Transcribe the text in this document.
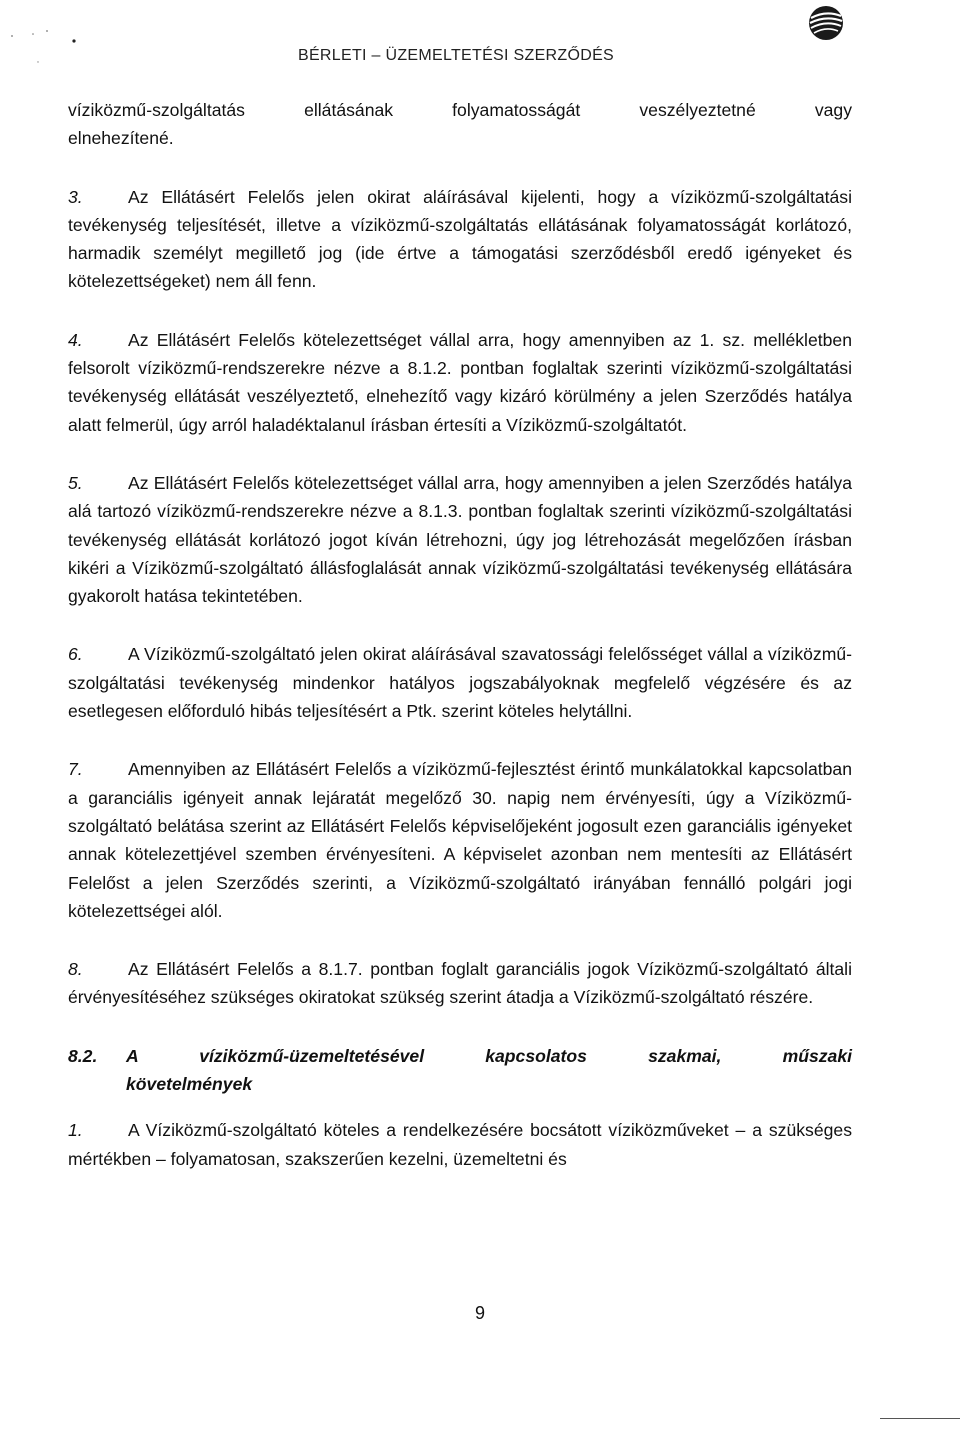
BÉRLETI – ÜZEMELTETÉSI SZERZŐDÉS

víziközmű-szolgáltatás	ellátásának	folyamatosságát	veszélyeztetné	vagy
elnehezítené.

3.	Az Ellátásért Felelős jelen okirat aláírásával kijelenti, hogy a víziközmű-szolgáltatási tevékenység teljesítését, illetve a víziközmű-szolgáltatás ellátásának folyamatosságát korlátozó, harmadik személyt megillető jog (ide értve a támogatási szerződésből eredő igényeket és kötelezettségeket) nem áll fenn.

4.	Az Ellátásért Felelős kötelezettséget vállal arra, hogy amennyiben az 1. sz. mellékletben felsorolt víziközmű-rendszerekre nézve a 8.1.2. pontban foglaltak szerinti víziközmű-szolgáltatási tevékenység ellátását veszélyeztető, elnehezítő vagy kizáró körülmény a jelen Szerződés hatálya alatt felmerül, úgy arról haladéktalanul írásban értesíti a Víziközmű-szolgáltatót.

5.	Az Ellátásért Felelős kötelezettséget vállal arra, hogy amennyiben a jelen Szerződés hatálya alá tartozó víziközmű-rendszerekre nézve a 8.1.3. pontban foglaltak szerinti víziközmű-szolgáltatási tevékenység ellátását korlátozó jogot kíván létrehozni, úgy jog létrehozását megelőzően írásban kikéri a Víziközmű-szolgáltató állásfoglalását annak víziközmű-szolgáltatási tevékenység ellátására gyakorolt hatása tekintetében.

6.	A Víziközmű-szolgáltató jelen okirat aláírásával szavatossági felelősséget vállal a víziközmű-szolgáltatási tevékenység mindenkor hatályos jogszabályoknak megfelelő végzésére és az esetlegesen előforduló hibás teljesítésért a Ptk. szerint köteles helytállni.

7.	Amennyiben az Ellátásért Felelős a víziközmű-fejlesztést érintő munkálatokkal kapcsolatban a garanciális igényeit annak lejáratát megelőző 30. napig nem érvényesíti, úgy a Víziközmű-szolgáltató belátása szerint az Ellátásért Felelős képviselőjeként jogosult ezen garanciális igényeket annak kötelezettjével szemben érvényesíteni. A képviselet azonban nem mentesíti az Ellátásért Felelőst a jelen Szerződés szerinti, a Víziközmű-szolgáltató irányában fennálló polgári jogi kötelezettségei alól.

8.	Az Ellátásért Felelős a 8.1.7. pontban foglalt garanciális jogok Víziközmű-szolgáltató általi érvényesítéséhez szükséges okiratokat szükség szerint átadja a Víziközmű-szolgáltató részére.

8.2.	A víziközmű-üzemeltetésével kapcsolatos szakmai, műszaki
követelmények

1.	A Víziközmű-szolgáltató köteles a rendelkezésére bocsátott víziközműveket – a szükséges mértékben – folyamatosan, szakszerűen kezelni, üzemeltetni és

9
